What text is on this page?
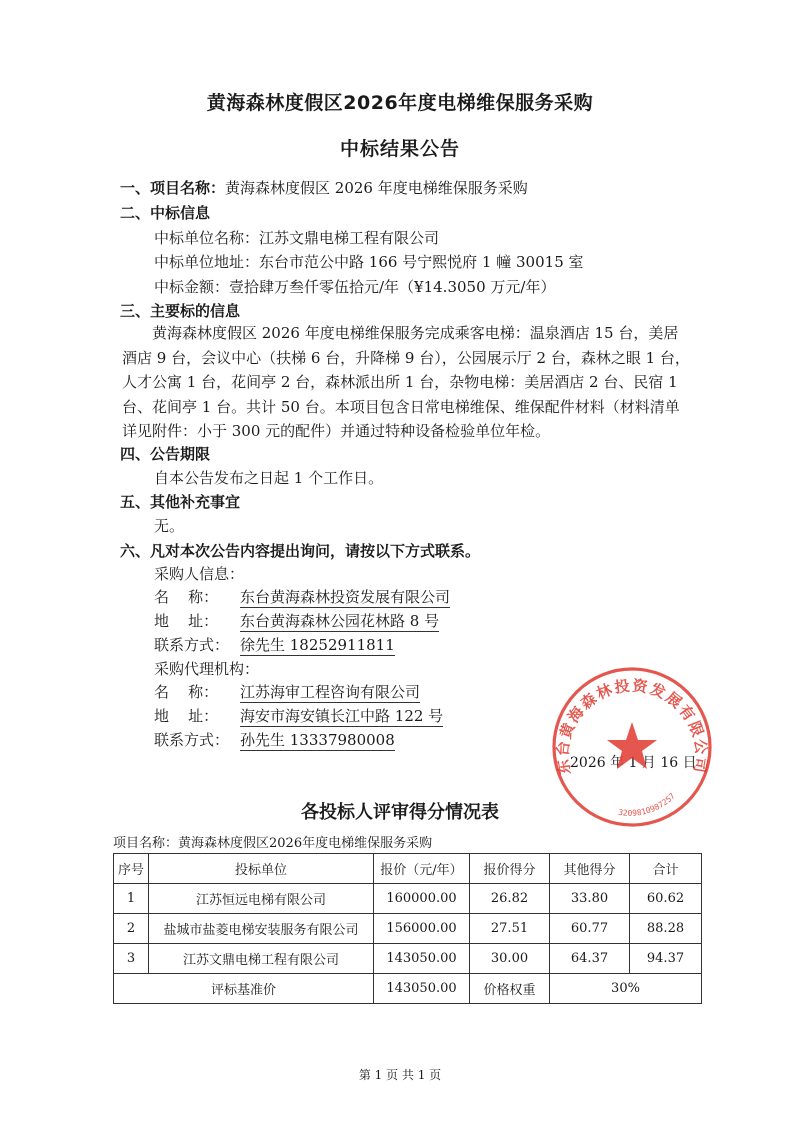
黄海森林度假区2026年度电梯维保服务采购
中标结果公告
一、项目名称：黄海森林度假区 2026 年度电梯维保服务采购
二、中标信息
中标单位名称：江苏文鼎电梯工程有限公司
中标单位地址：东台市范公中路 166 号宁熙悦府 1 幢 30015 室
中标金额：壹拾肆万叁仟零伍拾元/年（¥14.3050 万元/年）
三、主要标的信息
黄海森林度假区 2026 年度电梯维保服务完成乘客电梯：温泉酒店 15 台，美居酒店 9 台，会议中心（扶梯 6 台，升降梯 9 台），公园展示厅 2 台，森林之眼 1 台，人才公寓 1 台，花间亭 2 台，森林派出所 1 台，杂物电梯：美居酒店 2 台、民宿 1 台、花间亭 1 台。共计 50 台。本项目包含日常电梯维保、维保配件材料（材料清单详见附件：小于 300 元的配件）并通过特种设备检验单位年检。
四、公告期限
自本公告发布之日起 1 个工作日。
五、其他补充事宜
无。
六、凡对本次公告内容提出询问，请按以下方式联系。
采购人信息：
名    称： 东台黄海森林投资发展有限公司
地    址： 东台黄海森林公园花林路 8 号
联系方式： 徐先生 18252911811
采购代理机构：
名    称： 江苏海审工程咨询有限公司
地    址： 海安市海安镇长江中路 122 号
联系方式： 孙先生 13337980008
2026 年 1 月 16 日
东台黄海森林投资发展有限公司
3209810987257
各投标人评审得分情况表
项目名称：黄海森林度假区2026年度电梯维保服务采购
序号	投标单位	报价（元/年）	报价得分	其他得分	合计
1	江苏恒远电梯有限公司	160000.00	26.82	33.80	60.62
2	盐城市盐菱电梯安装服务有限公司	156000.00	27.51	60.77	88.28
3	江苏文鼎电梯工程有限公司	143050.00	30.00	64.37	94.37
评标基准价		143050.00	价格权重	30%	
第 1 页 共 1 页
